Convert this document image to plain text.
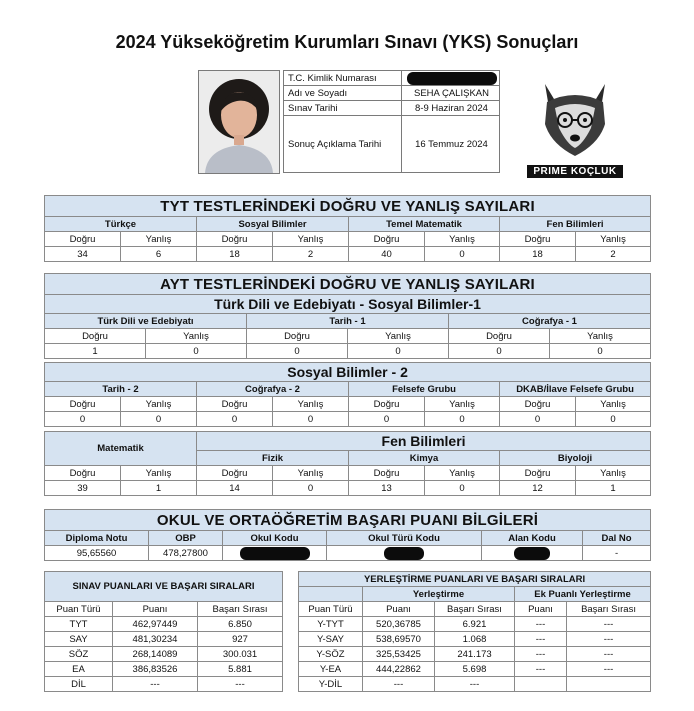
2024 Yükseköğretim Kurumları Sınavı (YKS) Sonuçları
T.C. Kimlik Numarası	
Adı ve Soyadı	SEHA ÇALIŞKAN
Sınav Tarihi	8-9 Haziran 2024
Sonuç Açıklama Tarihi	16 Temmuz 2024
PRIME KOÇLUK
TYT TESTLERİNDEKİ DOĞRU VE YANLIŞ SAYILARI							
Türkçe		Sosyal Bilimler		Temel Matematik		Fen Bilimleri	
Doğru	Yanlış	Doğru	Yanlış	Doğru	Yanlış	Doğru	Yanlış
34	6	18	2	40	0	18	2
AYT TESTLERİNDEKİ DOĞRU VE YANLIŞ SAYILARI					
Türk Dili ve Edebiyatı - Sosyal Bilimler-1					
Türk Dili ve Edebiyatı		Tarih - 1		Coğrafya - 1	
Doğru	Yanlış	Doğru	Yanlış	Doğru	Yanlış
1	0	0	0	0	0
Sosyal Bilimler - 2							
Tarih - 2		Coğrafya - 2		Felsefe Grubu		DKAB/İlave Felsefe Grubu	
Doğru	Yanlış	Doğru	Yanlış	Doğru	Yanlış	Doğru	Yanlış
0	0	0	0	0	0	0	0
Matematik		Fen Bilimleri					
		Fizik		Kimya		Biyoloji	
Doğru	Yanlış	Doğru	Yanlış	Doğru	Yanlış	Doğru	Yanlış
39	1	14	0	13	0	12	1
OKUL VE ORTAÖĞRETİM BAŞARI PUANI BİLGİLERİ					
Diploma Notu	OBP	Okul Kodu	Okul Türü Kodu	Alan Kodu	Dal No
95,65560	478,27800				-
SINAV PUANLARI VE BAŞARI SIRALARI		
Puan Türü	Puanı	Başarı Sırası
TYT	462,97449	6.850
SAY	481,30234	927
SÖZ	268,14089	300.031
EA	386,83526	5.881
DİL	---	---
YERLEŞTİRME PUANLARI VE BAŞARI SIRALARI				
	Yerleştirme		Ek Puanlı Yerleştirme	
Puan Türü	Puanı	Başarı Sırası	Puanı	Başarı Sırası
Y-TYT	520,36785	6.921	---	---
Y-SAY	538,69570	1.068	---	---
Y-SÖZ	325,53425	241.173	---	---
Y-EA	444,22862	5.698	---	---
Y-DİL	---	---		
